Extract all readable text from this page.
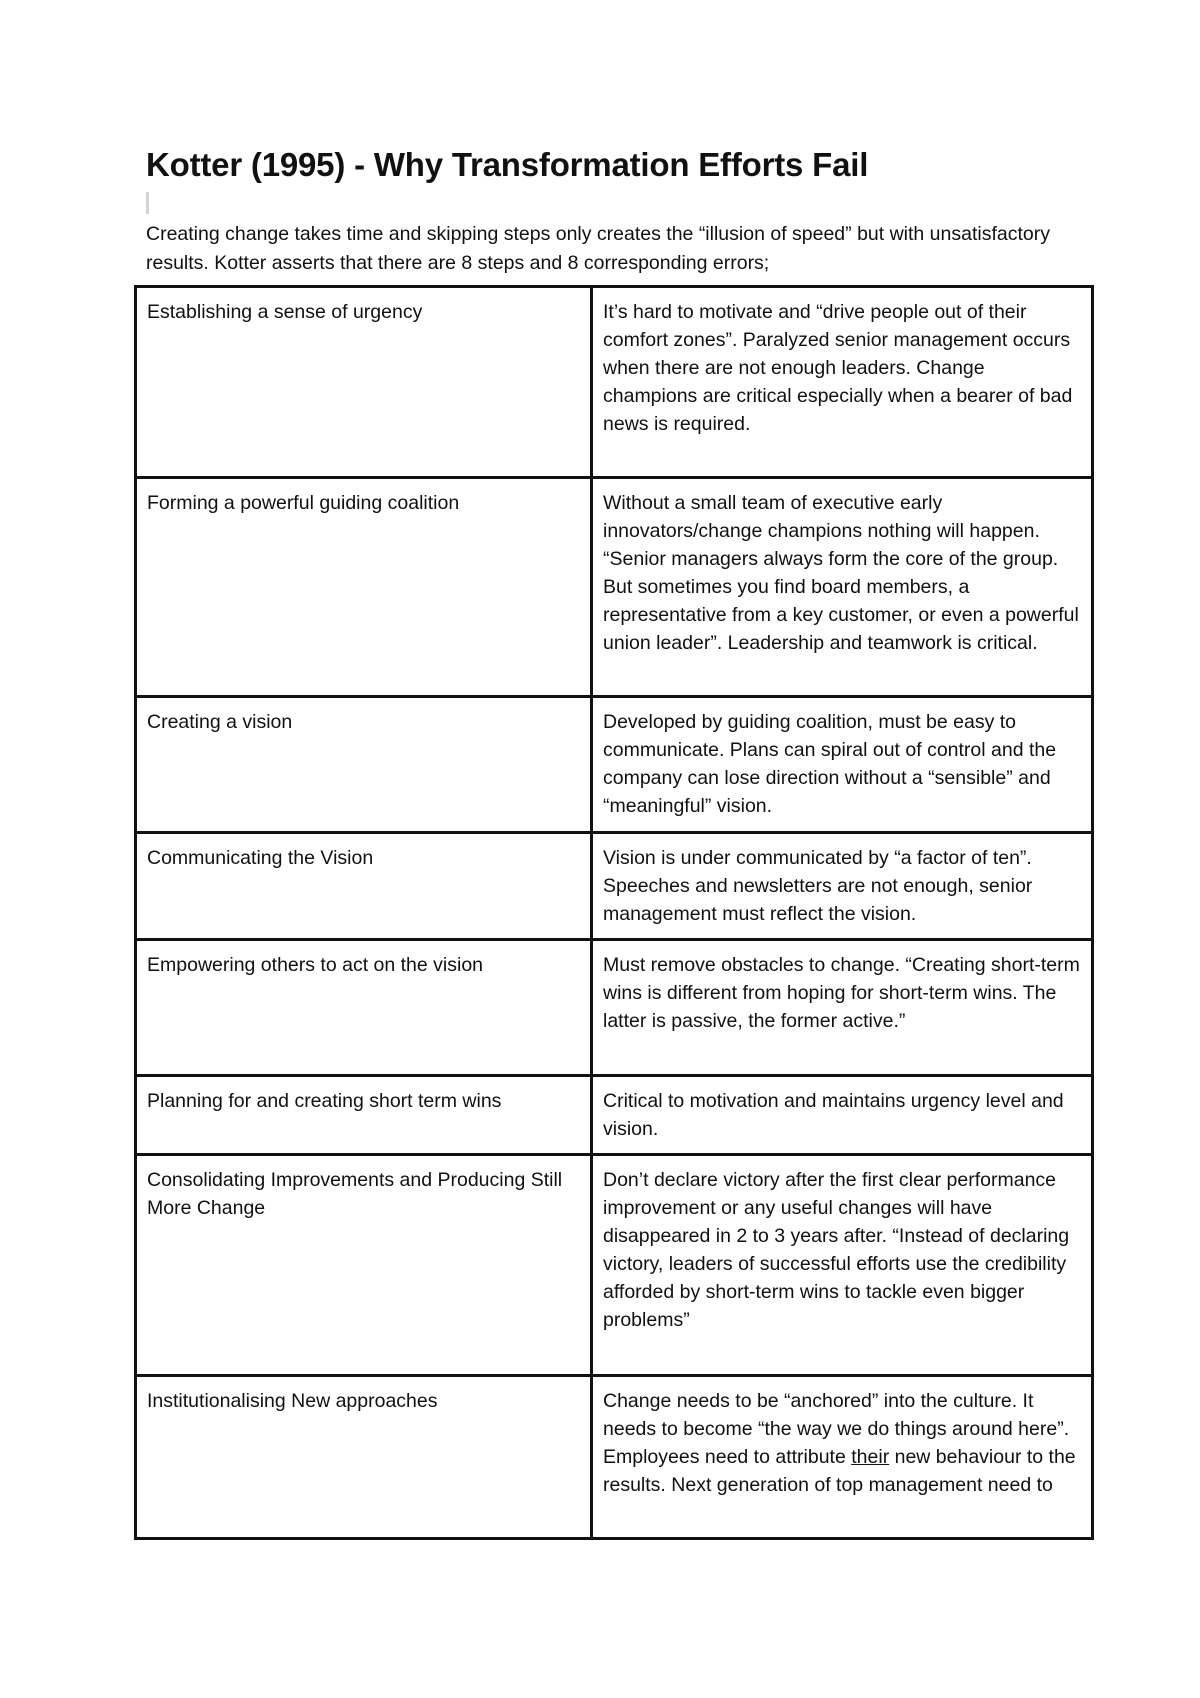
Kotter (1995) - Why Transformation Efforts Fail

Creating change takes time and skipping steps only creates the “illusion of speed” but with unsatisfactory results. Kotter asserts that there are 8 steps and 8 corresponding errors;

Establishing a sense of urgency	It’s hard to motivate and “drive people out of their comfort zones”. Paralyzed senior management occurs when there are not enough leaders. Change champions are critical especially when a bearer of bad news is required.
Forming a powerful guiding coalition	Without a small team of executive early innovators/change champions nothing will happen. “Senior managers always form the core of the group. But sometimes you find board members, a representative from a key customer, or even a powerful union leader”. Leadership and teamwork is critical.
Creating a vision	Developed by guiding coalition, must be easy to communicate. Plans can spiral out of control and the company can lose direction without a “sensible” and “meaningful” vision.
Communicating the Vision	Vision is under communicated by “a factor of ten”. Speeches and newsletters are not enough, senior management must reflect the vision.
Empowering others to act on the vision	Must remove obstacles to change. “Creating short-term wins is different from hoping for short-term wins. The latter is passive, the former active.”
Planning for and creating short term wins	Critical to motivation and maintains urgency level and vision.
Consolidating Improvements and Producing Still More Change	Don’t declare victory after the first clear performance improvement or any useful changes will have disappeared in 2 to 3 years after. “Instead of declaring victory, leaders of successful efforts use the credibility afforded by short-term wins to tackle even bigger problems”
Institutionalising New approaches	Change needs to be “anchored” into the culture. It needs to become “the way we do things around here”. Employees need to attribute their new behaviour to the results. Next generation of top management need to
